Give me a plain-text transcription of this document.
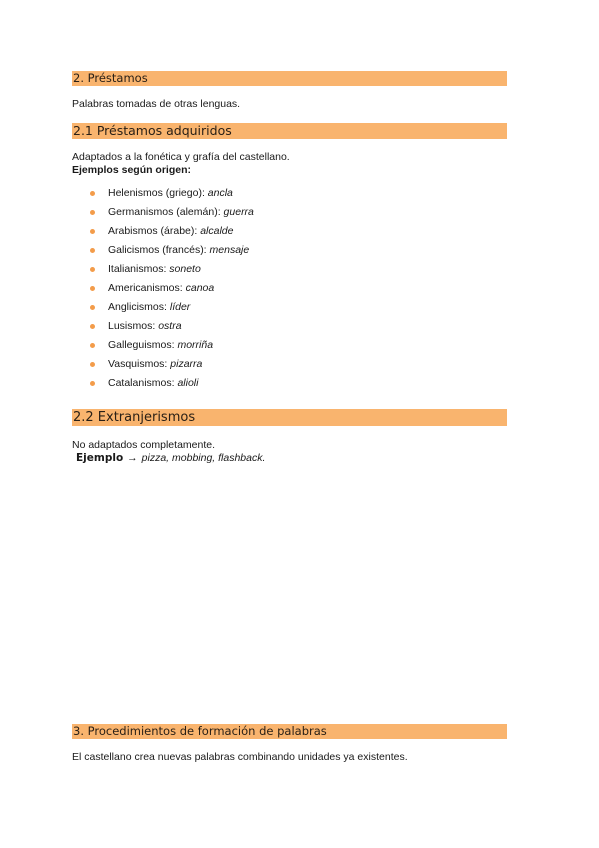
2. Préstamos
Palabras tomadas de otras lenguas.
2.1 Préstamos adquiridos
Adaptados a la fonética y grafía del castellano.
Ejemplos según origen:
Helenismos (griego): ancla
Germanismos (alemán): guerra
Arabismos (árabe): alcalde
Galicismos (francés): mensaje
Italianismos: soneto
Americanismos: canoa
Anglicismos: líder
Lusismos: ostra
Galleguismos: morriña
Vasquismos: pizarra
Catalanismos: alioli
2.2 Extranjerismos
No adaptados completamente.
Ejemplo → pizza, mobbing, flashback.
3. Procedimientos de formación de palabras
El castellano crea nuevas palabras combinando unidades ya existentes.
